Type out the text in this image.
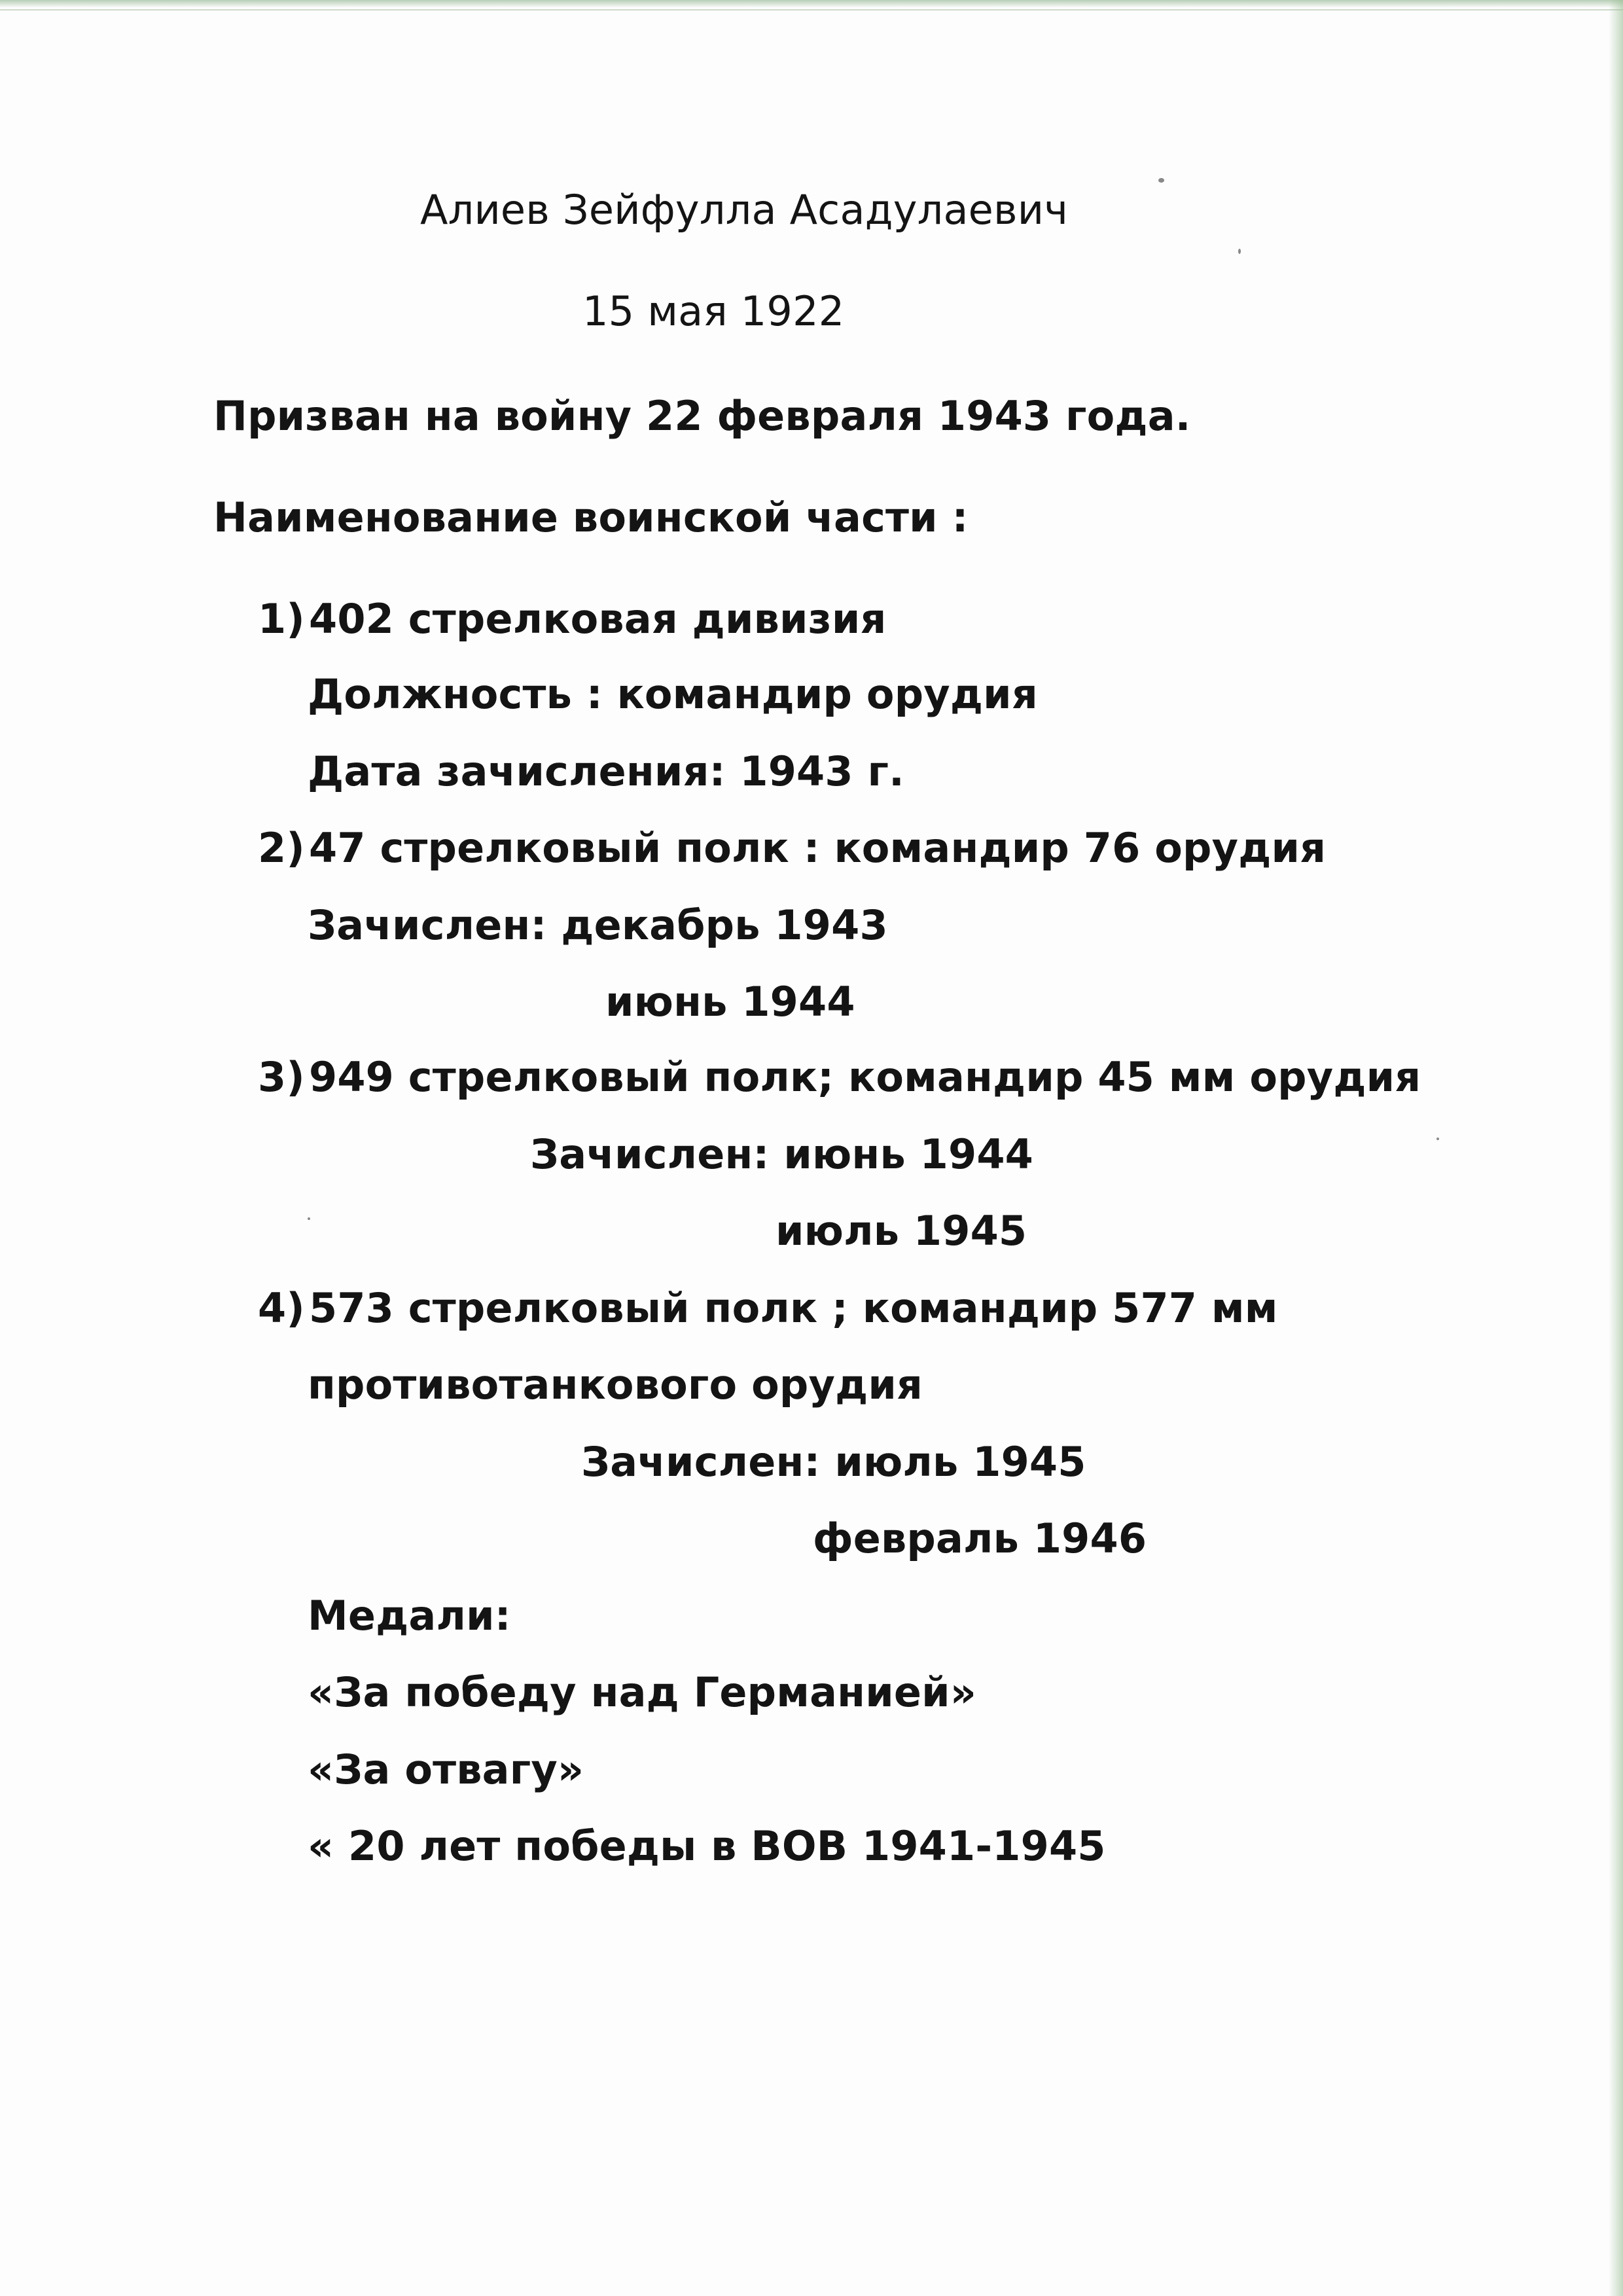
Алиев Зейфулла Асадулаевич

15 мая 1922

Призван на войну 22 февраля 1943 года.

Наименование воинской части :

1)402 стрелковая дивизия

Должность : командир орудия

Дата зачисления: 1943 г.

2)47 стрелковый полк : командир 76 орудия

Зачислен: декабрь 1943

июнь 1944

3)949 стрелковый полк; командир 45 мм орудия

Зачислен: июнь 1944

июль 1945

4)573 стрелковый полк ; командир 577 мм

противотанкового орудия

Зачислен: июль 1945

февраль 1946

Медали:

«За победу над Германией»

«За отвагу»

« 20 лет победы в ВОВ 1941-1945
